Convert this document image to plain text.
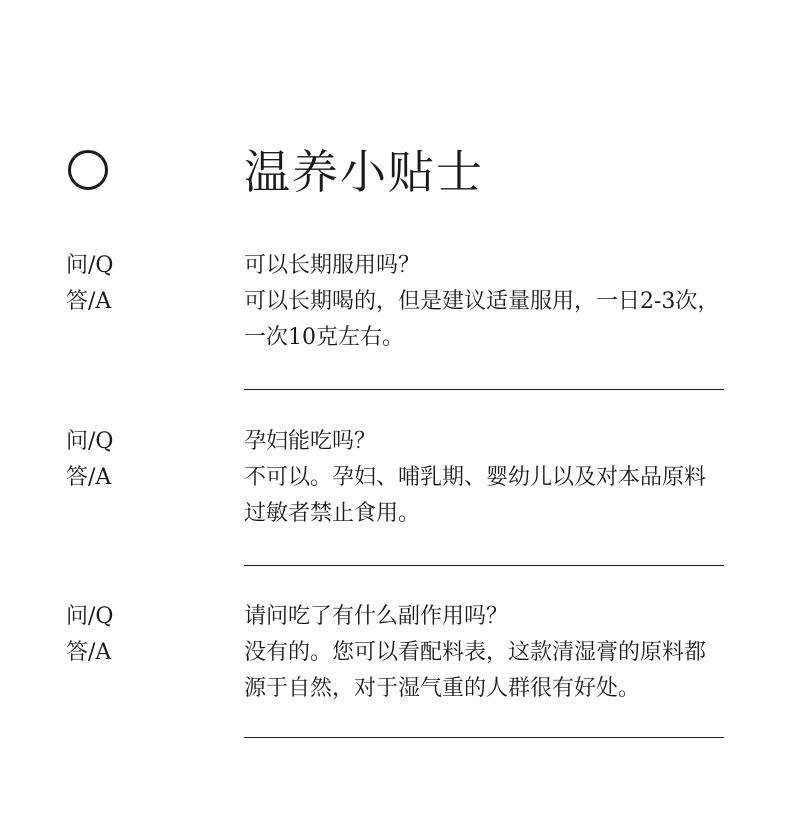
温养小贴士
问/Q
答/A
可以长期服用吗？
可以长期喝的，但是建议适量服用，一日2-3次，一次10克左右。
问/Q
答/A
孕妇能吃吗？
不可以。孕妇、哺乳期、婴幼儿以及对本品原料过敏者禁止食用。
问/Q
答/A
请问吃了有什么副作用吗？
没有的。您可以看配料表，这款清湿膏的原料都源于自然，对于湿气重的人群很有好处。
